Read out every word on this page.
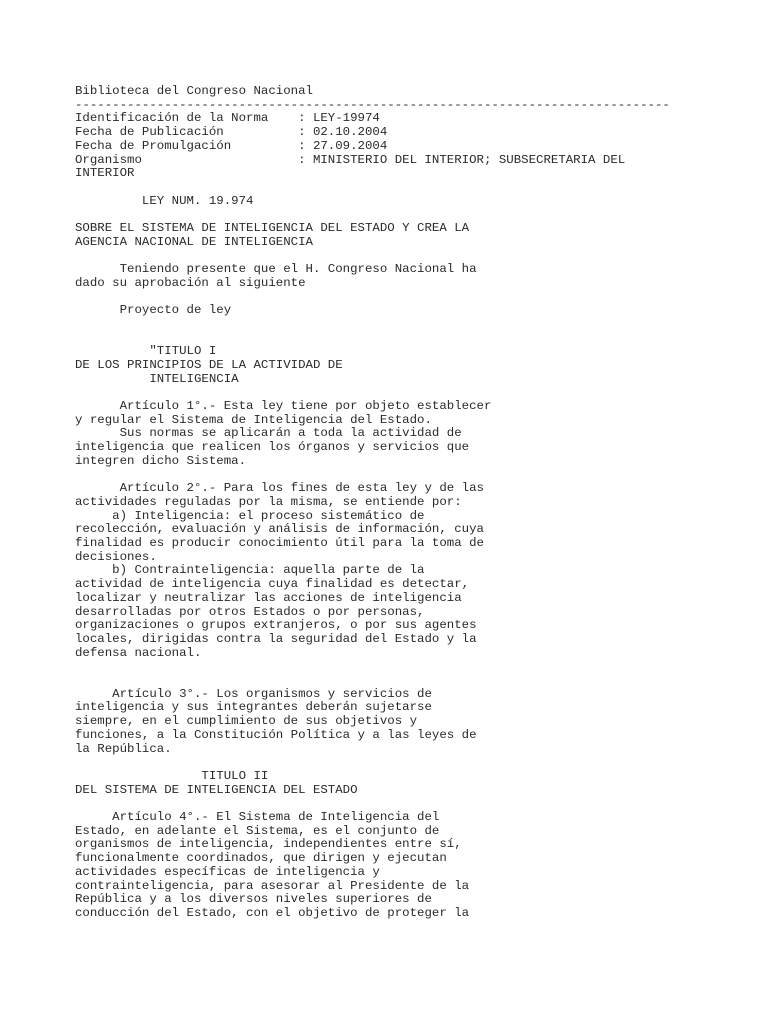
Biblioteca del Congreso Nacional
--------------------------------------------------------------------------------
Identificación de la Norma    : LEY-19974
Fecha de Publicación          : 02.10.2004
Fecha de Promulgación         : 27.09.2004
Organismo                     : MINISTERIO DEL INTERIOR; SUBSECRETARIA DEL
INTERIOR
LEY NUM. 19.974
SOBRE EL SISTEMA DE INTELIGENCIA DEL ESTADO Y CREA LA
AGENCIA NACIONAL DE INTELIGENCIA
Teniendo presente que el H. Congreso Nacional ha
dado su aprobación al siguiente
Proyecto de ley
"TITULO I
DE LOS PRINCIPIOS DE LA ACTIVIDAD DE
INTELIGENCIA
Artículo 1°.- Esta ley tiene por objeto establecer
y regular el Sistema de Inteligencia del Estado.
Sus normas se aplicarán a toda la actividad de
inteligencia que realicen los órganos y servicios que
integren dicho Sistema.
Artículo 2°.- Para los fines de esta ley y de las
actividades reguladas por la misma, se entiende por:
a) Inteligencia: el proceso sistemático de
recolección, evaluación y análisis de información, cuya
finalidad es producir conocimiento útil para la toma de
decisiones.
b) Contrainteligencia: aquella parte de la
actividad de inteligencia cuya finalidad es detectar,
localizar y neutralizar las acciones de inteligencia
desarrolladas por otros Estados o por personas,
organizaciones o grupos extranjeros, o por sus agentes
locales, dirigidas contra la seguridad del Estado y la
defensa nacional.
Artículo 3°.- Los organismos y servicios de
inteligencia y sus integrantes deberán sujetarse
siempre, en el cumplimiento de sus objetivos y
funciones, a la Constitución Política y a las leyes de
la República.
TITULO II
DEL SISTEMA DE INTELIGENCIA DEL ESTADO
Artículo 4°.- El Sistema de Inteligencia del
Estado, en adelante el Sistema, es el conjunto de
organismos de inteligencia, independientes entre sí,
funcionalmente coordinados, que dirigen y ejecutan
actividades específicas de inteligencia y
contrainteligencia, para asesorar al Presidente de la
República y a los diversos niveles superiores de
conducción del Estado, con el objetivo de proteger la
